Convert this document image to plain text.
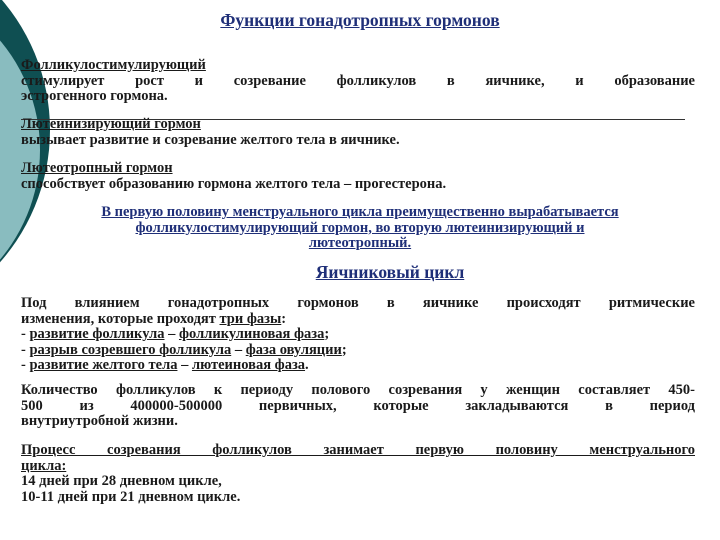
Функции гонадотропных гормонов
Фолликулостимулирующий
стимулирует рост и созревание фолликулов в яичнике, и образование
эстрогенного гормона.
Лютеинизирующий гормон
вызывает развитие и созревание желтого тела в яичнике.
Лютеотропный гормон
способствует образованию гормона желтого тела – прогестерона.
В первую половину менструального цикла преимущественно вырабатывается
фолликулостимулирующий гормон, во вторую лютеинизирующий и
лютеотропный.
Яичниковый цикл
Под влиянием гонадотропных гормонов в яичнике происходят ритмические
изменения, которые проходят три фазы:
- развитие фолликула – фолликулиновая фаза;
- разрыв созревшего фолликула – фаза овуляции;
- развитие желтого тела – лютеиновая фаза.
Количество фолликулов к периоду полового созревания у женщин составляет 450-
500 из 400000-500000 первичных, которые закладываются в период
внутриутробной жизни.
Процесс созревания фолликулов занимает первую половину менструального
цикла:
14 дней при 28 дневном цикле,
10-11 дней при 21 дневном цикле.
